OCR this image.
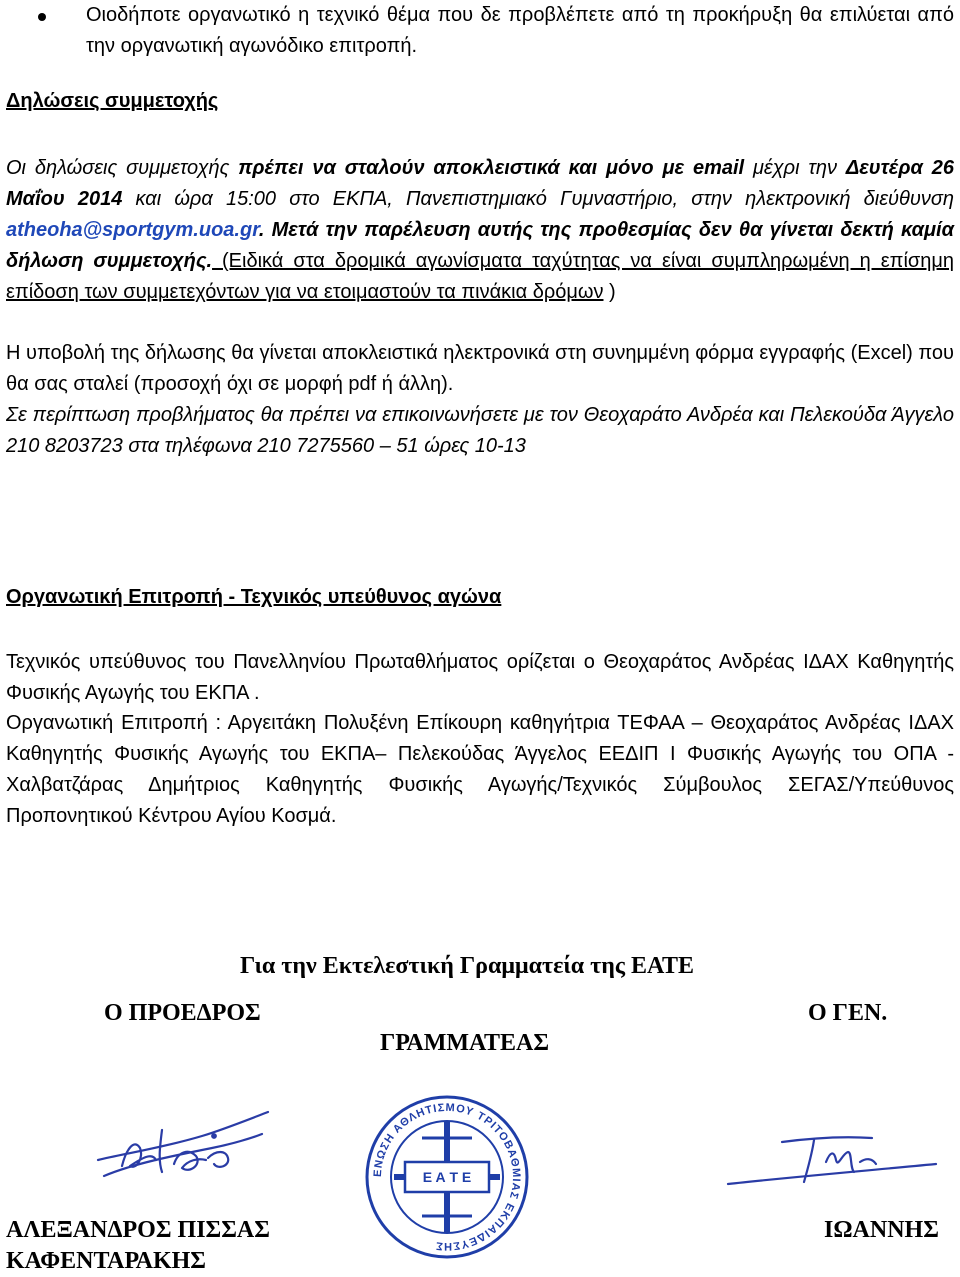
Οιοδήποτε οργανωτικό η τεχνικό θέμα που δε προβλέπετε από τη προκήρυξη θα επιλύεται από την οργανωτική αγωνόδικο επιτροπή.

Δηλώσεις συμμετοχής

Οι δηλώσεις συμμετοχής πρέπει να σταλούν αποκλειστικά και μόνο με email μέχρι την Δευτέρα 26 Μαΐου 2014 και ώρα 15:00 στο ΕΚΠΑ, Πανεπιστημιακό Γυμναστήριο, στην ηλεκτρονική διεύθυνση atheoha@sportgym.uoa.gr. Μετά την παρέλευση αυτής της προθεσμίας δεν θα γίνεται δεκτή καμία δήλωση συμμετοχής. (Ειδικά στα δρομικά αγωνίσματα ταχύτητας να είναι συμπληρωμένη η επίσημη επίδοση των συμμετεχόντων για να ετοιμαστούν τα πινάκια δρόμων )

Η υποβολή της δήλωσης θα γίνεται αποκλειστικά ηλεκτρονικά στη συνημμένη φόρμα εγγραφής (Excel) που θα σας σταλεί (προσοχή όχι σε μορφή pdf ή άλλη).

Σε περίπτωση προβλήματος θα πρέπει να επικοινωνήσετε με τον Θεοχαράτο Ανδρέα και Πελεκούδα Άγγελο 210 8203723 στα τηλέφωνα 210 7275560 – 51 ώρες 10-13

Οργανωτική Επιτροπή - Τεχνικός υπεύθυνος αγώνα

Τεχνικός υπεύθυνος του Πανελληνίου Πρωταθλήματος ορίζεται ο Θεοχαράτος Ανδρέας ΙΔΑΧ Καθηγητής Φυσικής Αγωγής του ΕΚΠΑ .

Οργανωτική Επιτροπή : Αργειτάκη Πολυξένη Επίκουρη καθηγήτρια ΤΕΦΑΑ – Θεοχαράτος Ανδρέας ΙΔΑΧ Καθηγητής Φυσικής Αγωγής του ΕΚΠΑ– Πελεκούδας Άγγελος ΕΕΔΙΠ Ι Φυσικής Αγωγής του ΟΠΑ - Χαλβατζάρας Δημήτριος Καθηγητής Φυσικής Αγωγής/Τεχνικός Σύμβουλος ΣΕΓΑΣ/Υπεύθυνος Προπονητικού Κέντρου Αγίου Κοσμά.

Για την Εκτελεστική Γραμματεία της ΕΑΤΕ

Ο ΠΡΟΕΔΡΟΣ	Ο ΓΕΝ.

ΓΡΑΜΜΑΤΕΑΣ

ΕΝΩΣΗ ΑΘΛΗΤΙΣΜΟΥ ΤΡΙΤΟΒΑΘΜΙΑΣ ΕΚΠΑΙΔΕΥΣΗΣ
Ε Α Τ Ε

ΑΛΕΞΑΝΔΡΟΣ ΠΙΣΣΑΣ	ΙΩΑΝΝΗΣ

ΚΑΦΕΝΤΑΡΑΚΗΣ
